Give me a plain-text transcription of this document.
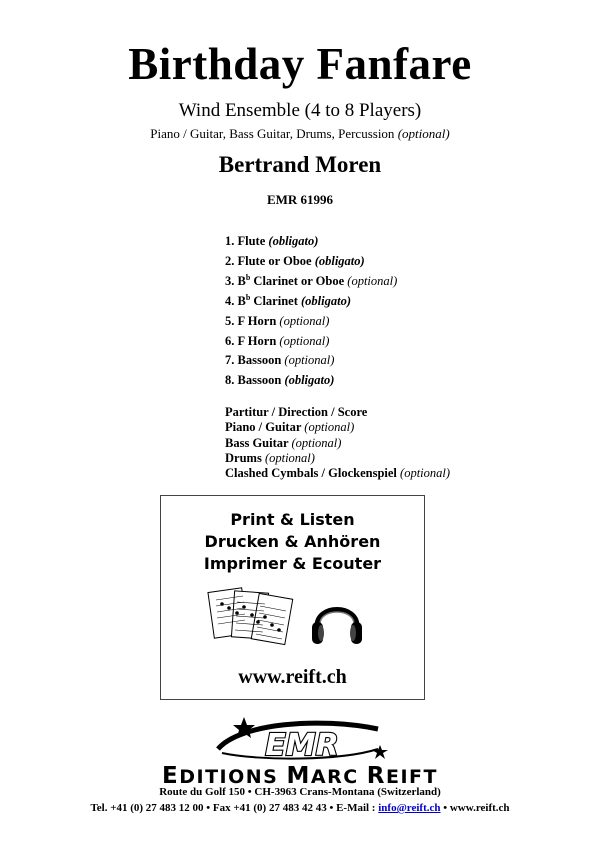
Birthday Fanfare
Wind Ensemble (4 to 8 Players)
Piano / Guitar, Bass Guitar, Drums, Percussion (optional)
Bertrand Moren
EMR 61996
1. Flute (obligato)
2. Flute or Oboe (obligato)
3. $B^b$ Clarinet or Oboe (optional)
4. $B^b$ Clarinet (obligato)
5. F Horn (optional)
6. F Horn (optional)
7. Bassoon (optional)
8. Bassoon (obligato)
Partitur / Direction / Score
Piano / Guitar (optional)
Bass Guitar (optional)
Drums (optional)
Clashed Cymbals / Glockenspiel (optional)
Print & Listen
Drucken & Anhören
Imprimer & Ecouter
www.reift.ch
EMR
EDITIONS MARC REIFT
Route du Golf 150 • CH-3963 Crans-Montana (Switzerland)
Tel. +41 (0) 27 483 12 00 • Fax +41 (0) 27 483 42 43 • E-Mail : info@reift.ch • www.reift.ch
